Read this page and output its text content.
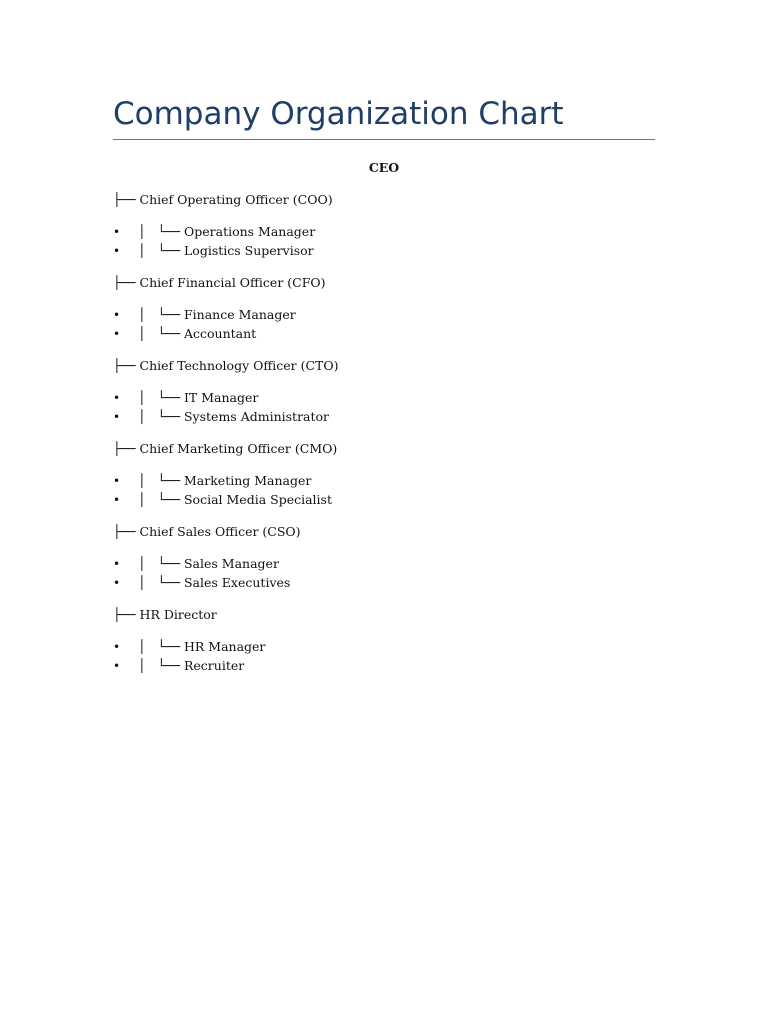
Company Organization Chart
CEO
├── Chief Operating Officer (COO)
• │   └── Operations Manager
• │   └── Logistics Supervisor
├── Chief Financial Officer (CFO)
• │   └── Finance Manager
• │   └── Accountant
├── Chief Technology Officer (CTO)
• │   └── IT Manager
• │   └── Systems Administrator
├── Chief Marketing Officer (CMO)
• │   └── Marketing Manager
• │   └── Social Media Specialist
├── Chief Sales Officer (CSO)
• │   └── Sales Manager
• │   └── Sales Executives
├── HR Director
• │   └── HR Manager
• │   └── Recruiter
